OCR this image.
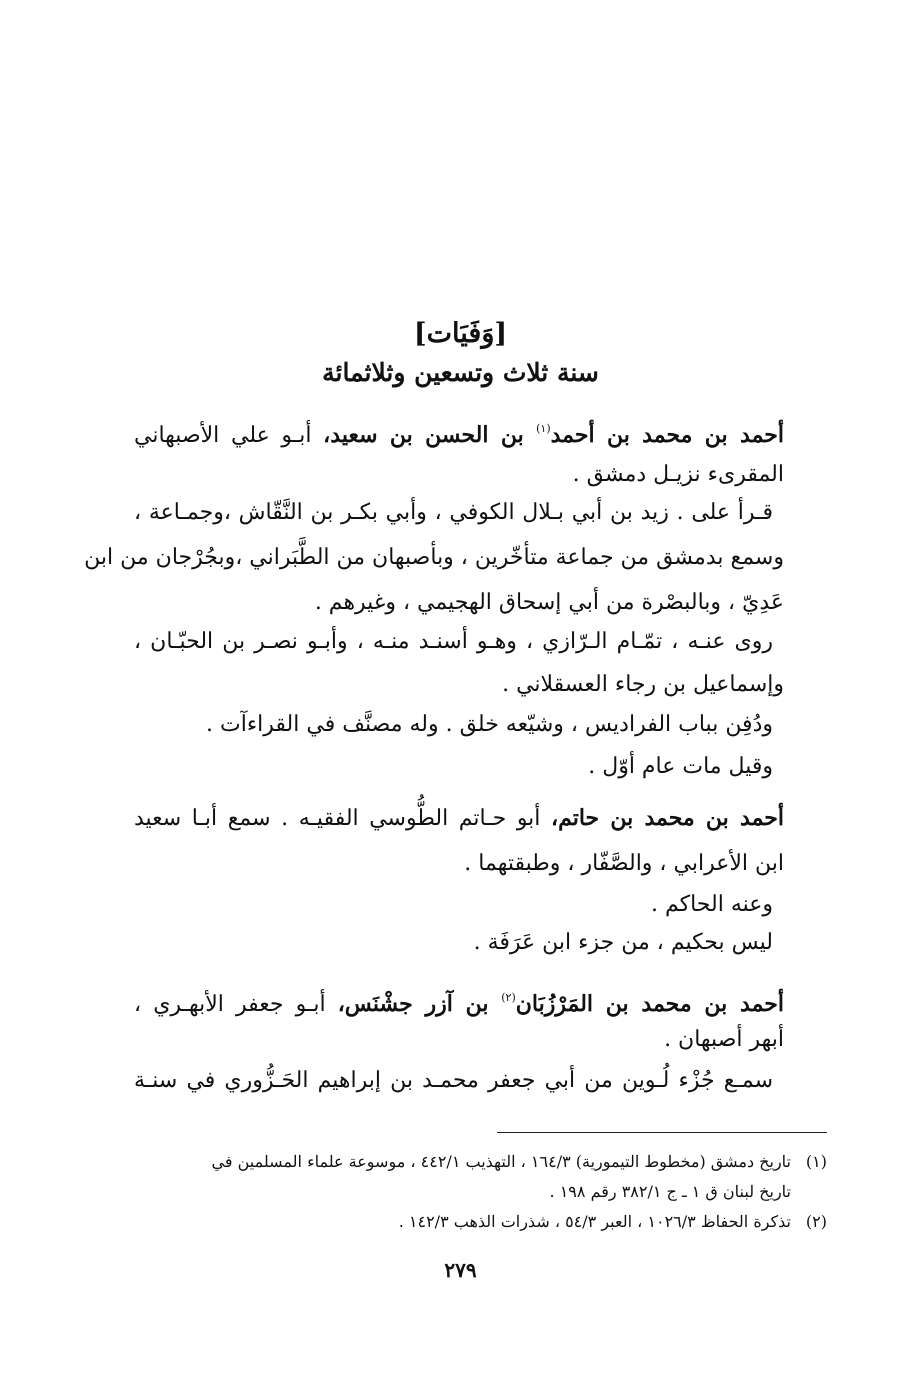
[وَفَيَات]
سنة ثلاث وتسعين وثلاثمائة
أحمد بن محمد بن أحمد$^{(١)}$ بن الحسن بن سعيد، أبـو علي الأصبهاني
المقرىء نزيـل دمشق .
قـرأ على . زيد بن أبي بـلال الكوفي ، وأبي بكـر بن النَّقّاش ،وجمـاعة ،
وسمع بدمشق من جماعة متأخّرين ، وبأصبهان من الطَّبَراني ،وبجُرْجان من ابن
عَدِيّ ، وبالبصْرة من أبي إسحاق الهجيمي ، وغيرهم .
روى عنـه ، تمّـام الـرّازي ، وهـو أسنـد منـه ، وأبـو نصـر بن الحبّـان ،
وإسماعيل بن رجاء العسقلاني .
ودُفِن بباب الفراديس ، وشيّعه خلق . وله مصنَّف في القراءآت .
وقيل مات عام أوّل .
أحمد بن محمد بن حاتم، أبو حـاتم الطُّوسي الفقيـه . سمع أبـا سعيد
ابن الأعرابي ، والصَّفّار ، وطبقتهما .
وعنه الحاكم .
ليس بحكيم ، من جزء ابن عَرَفَة .
أحمد بن محمد بن المَرْزُبَان$^{(٢)}$ بن آزر جشْنَس، أبـو جعفر الأبهـري ،
أبهر أصبهان .
سمـع جُزْء لُـوين من أبي جعفر محمـد بن إبراهيم الحَـزُّوري في سنـة
(١)تاريخ دمشق (مخطوط التيمورية) ١٦٤/٣ ، التهذيب ٤٤٢/١ ، موسوعة علماء المسلمين في
تاريخ لبنان ق ١ ـ ج ٣٨٢/١ رقم ١٩٨ .
(٢)تذكرة الحفاظ ١٠٢٦/٣ ، العبر ٥٤/٣ ، شذرات الذهب ١٤٢/٣ .
٢٧٩
